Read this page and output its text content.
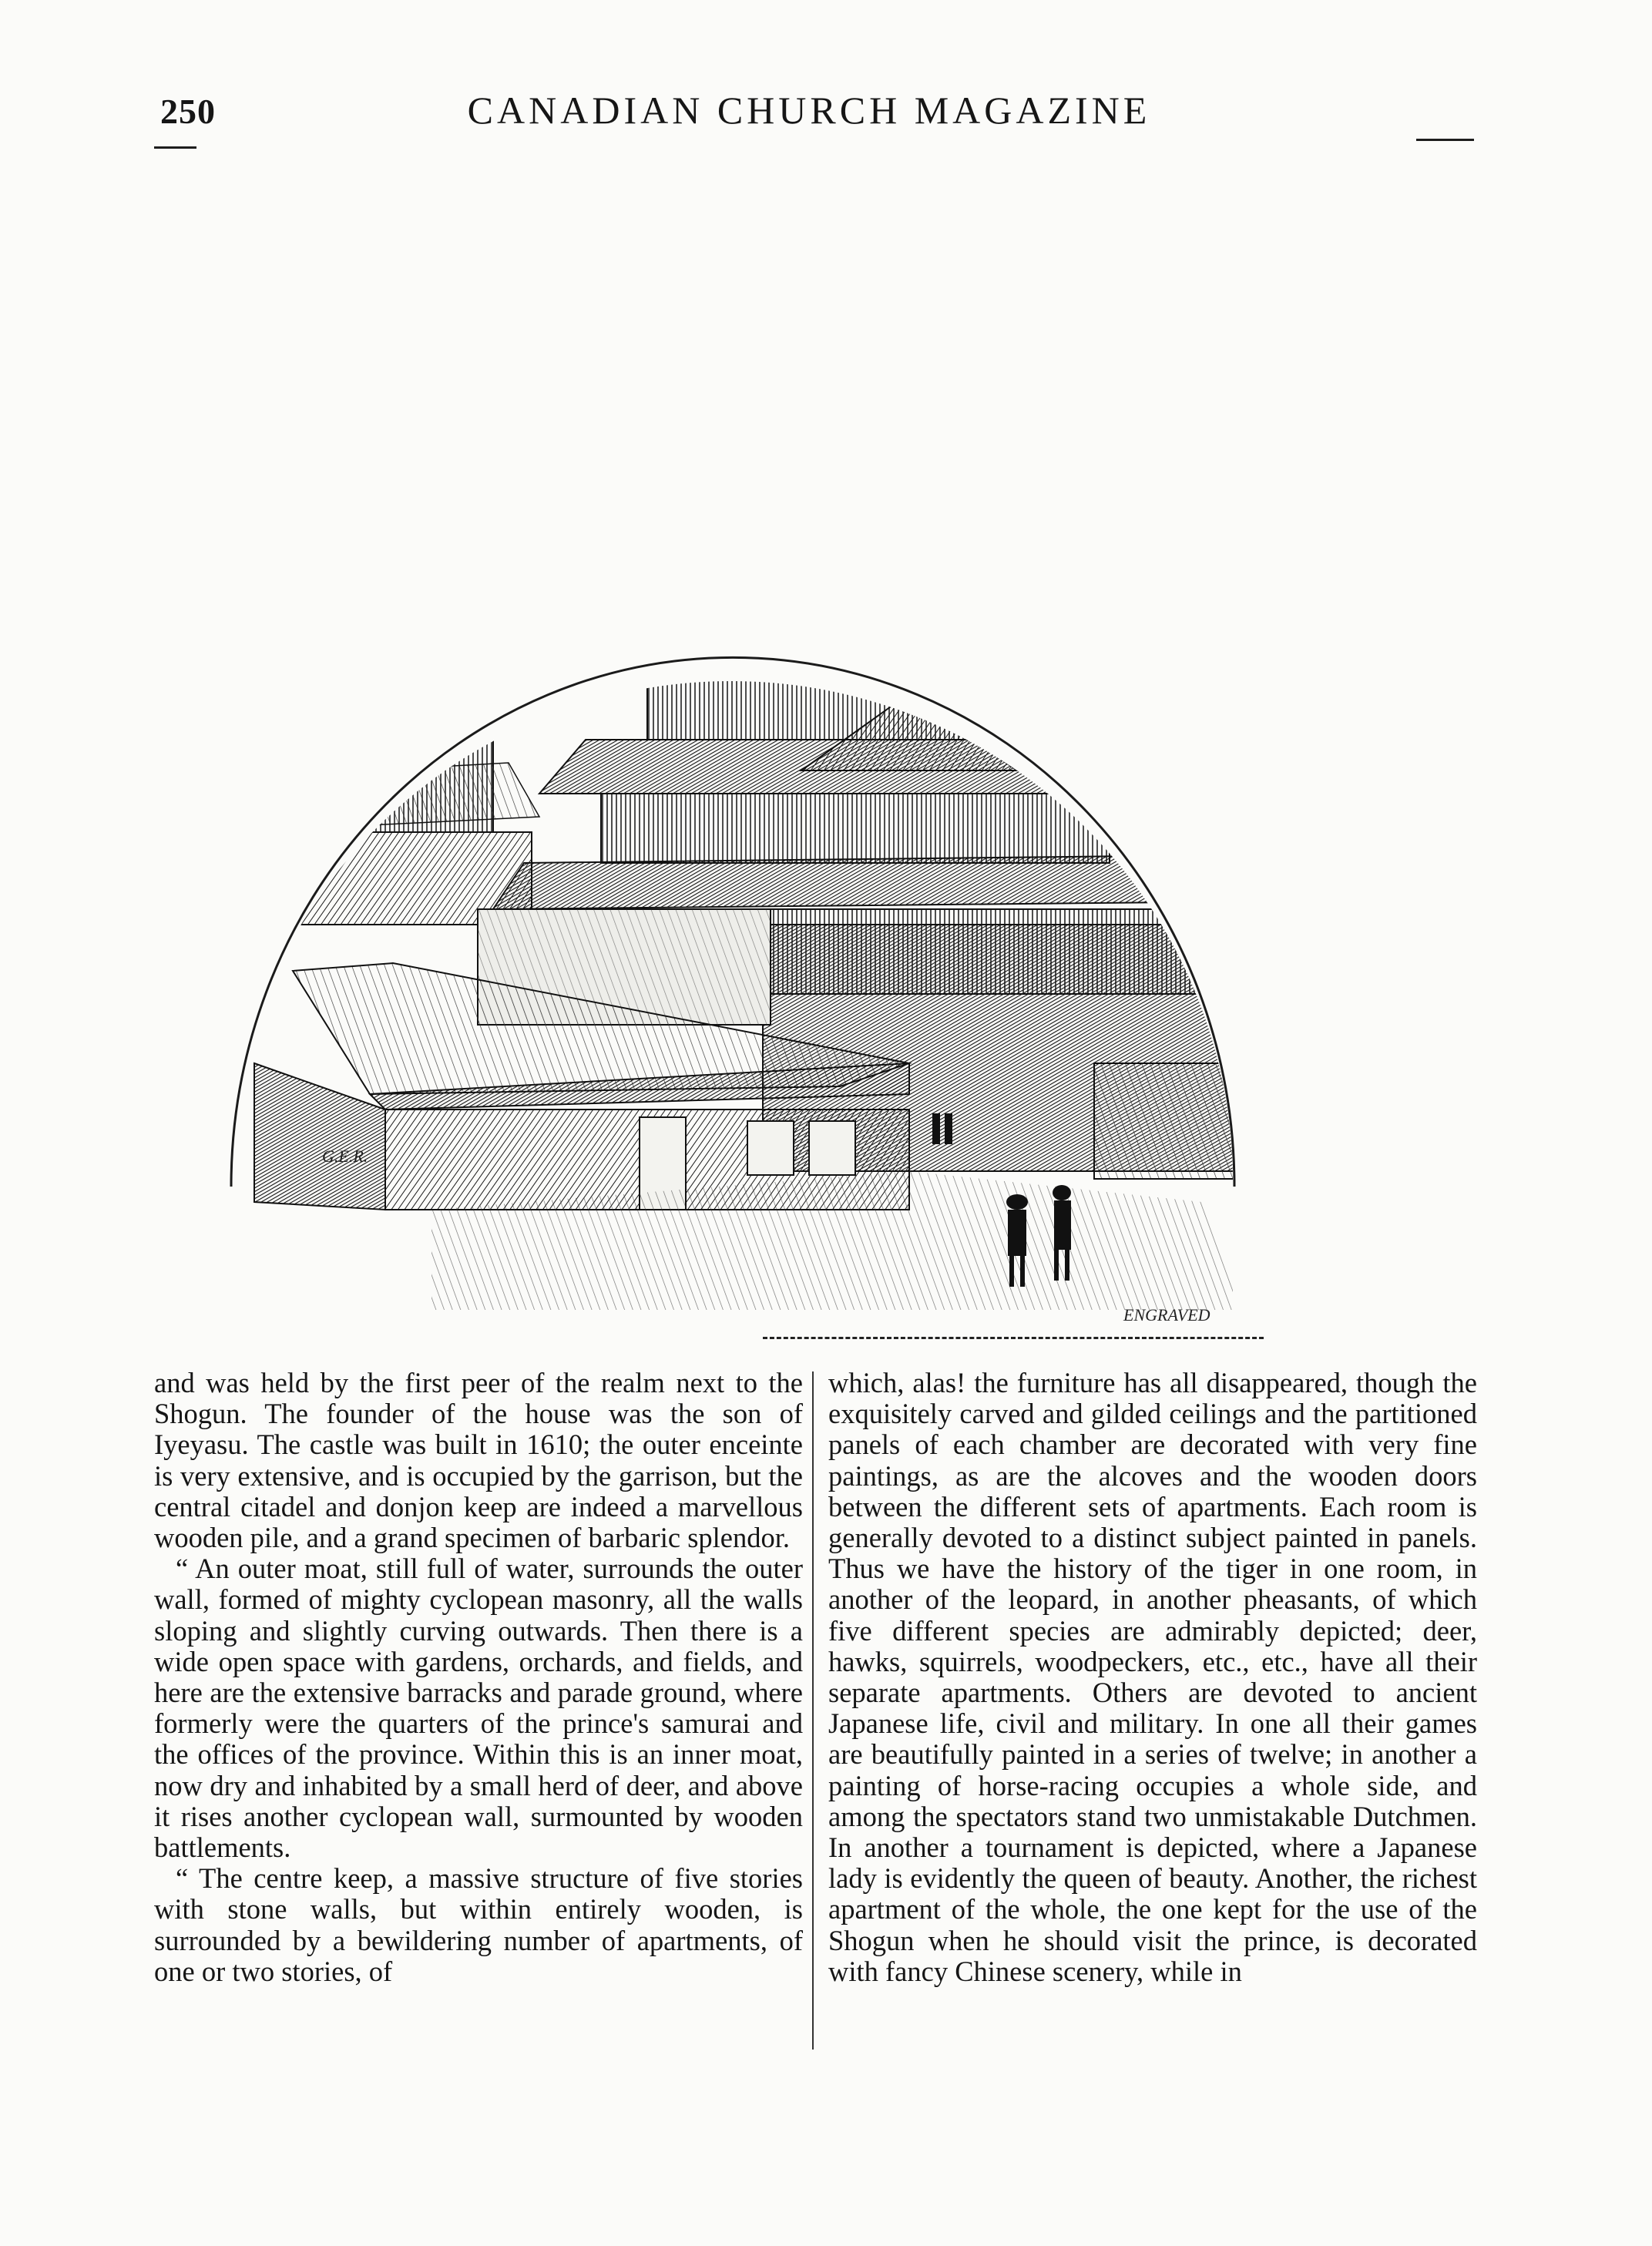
250	CANADIAN CHURCH MAGAZINE
G.E.R.
ENGRAVED

and was held by the first peer of the realm next to the Shogun. The founder of the house was the son of Iyeyasu. The castle was built in 1610; the outer enceinte is very extensive, and is occupied by the garrison, but the central citadel and donjon keep are indeed a marvellous wooden pile, and a grand specimen of barbaric splendor.

“ An outer moat, still full of water, surrounds the outer wall, formed of mighty cyclopean masonry, all the walls sloping and slightly curving outwards. Then there is a wide open space with gardens, orchards, and fields, and here are the extensive barracks and parade ground, where formerly were the quarters of the prince's samurai and the offices of the province. Within this is an inner moat, now dry and inhabited by a small herd of deer, and above it rises another cyclopean wall, surmounted by wooden battlements.

“ The centre keep, a massive structure of five stories with stone walls, but within entirely wooden, is surrounded by a bewildering number of apartments, of one or two stories, of

which, alas! the furniture has all disappeared, though the exquisitely carved and gilded ceilings and the partitioned panels of each chamber are decorated with very fine paintings, as are the alcoves and the wooden doors between the different sets of apartments. Each room is generally devoted to a distinct subject painted in panels. Thus we have the history of the tiger in one room, in another of the leopard, in another pheasants, of which five different species are admirably depicted; deer, hawks, squirrels, woodpeckers, etc., etc., have all their separate apartments. Others are devoted to ancient Japanese life, civil and military. In one all their games are beautifully painted in a series of twelve; in another a painting of horse-racing occupies a whole side, and among the spectators stand two unmistakable Dutchmen. In another a tournament is depicted, where a Japanese lady is evidently the queen of beauty. Another, the richest apartment of the whole, the one kept for the use of the Shogun when he should visit the prince, is decorated with fancy Chinese scenery, while in
